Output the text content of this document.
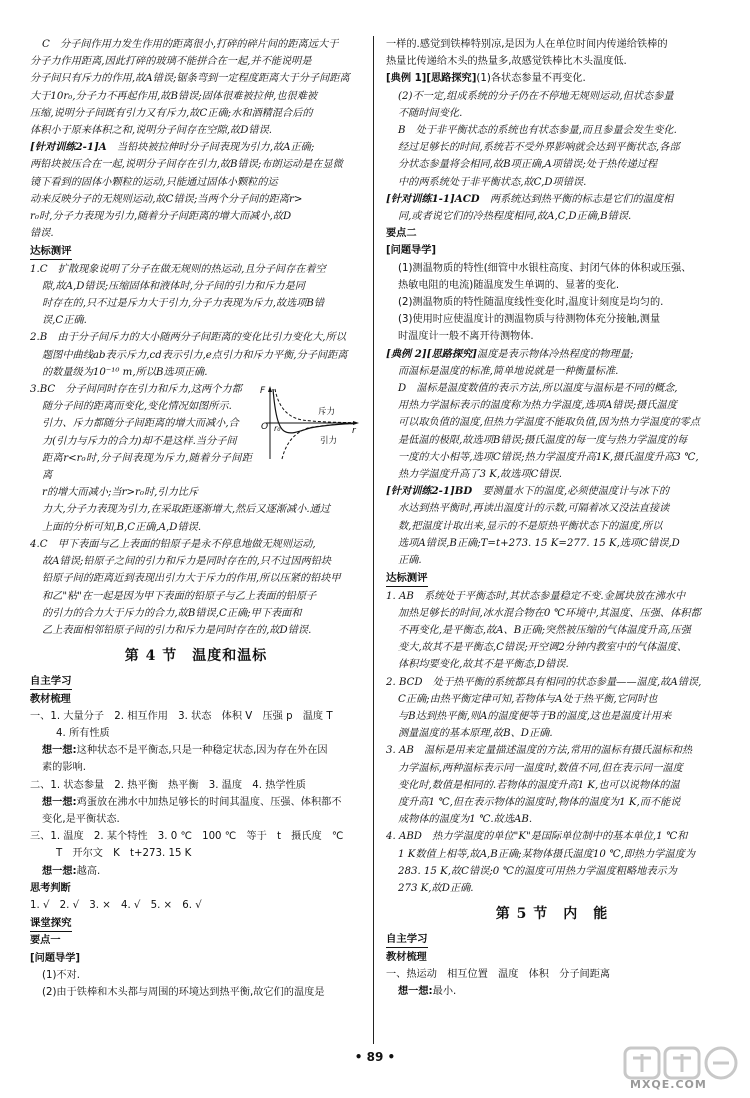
C　分子间作用力发生作用的距离很小,打碎的碎片间的距离远大于

分子力作用距离,因此打碎的玻璃不能拼合在一起,并不能说明是

分子间只有斥力的作用,故A错误;锯条弯到一定程度距离大于分子间距离

大于10r₀,分子力不再起作用,故B错误;固体很难被拉伸,也很难被

压缩,说明分子间既有引力又有斥力,故C正确;水和酒精混合后的

体积小于原来体积之和,说明分子间存在空隙,故D错误.

[针对训练2-1]A　当铅块被拉伸时分子间表现为引力,故A正确;

两铅块被压合在一起,说明分子间存在引力,故B错误;布朗运动是在显微

镜下看到的固体小颗粒的运动,只能通过固体小颗粒的运

动来反映分子的无规则运动,故C错误;当两个分子间的距离r>

r₀时,分子力表现为引力,随着分子间距离的增大而减小,故D

错误.

达标测评

1.C　扩散现象说明了分子在做无规则的热运动,且分子间存在着空

隙,故A,D错误;压缩固体和液体时,分子间的引力和斥力是同

时存在的,只不过是斥力大于引力,分子力表现为斥力,故选项B错

误,C正确.

2.B　由于分子间斥力的大小随两分子间距离的变化比引力变化大,所以

题图中曲线ab表示斥力,cd表示引力,e点引力和斥力平衡,分子间距离

的数量级为10⁻¹⁰ m,所以B选项正确.

F
O r₀	r
斥力
引力

3.BC　分子间同时存在引力和斥力,这两个力都

随分子间的距离而变化,变化情况如图所示.

引力、斥力都随分子间距离的增大而减小,合

力(引力与斥力的合力)却不是这样.当分子间

距离r<r₀时,分子间表现为斥力,随着分子间距离

r的增大而减小;当r>r₀时,引力比斥

力大,分子力表现为引力,在采取距逐渐增大,然后又逐渐减小.通过

上面的分析可知,B,C正确,A,D错误.

4.C　甲下表面与乙上表面的铅原子是永不停息地做无规则运动,

故A错误;铅原子之间的引力和斥力是同时存在的,只不过因两铅块

铅原子间的距离近到表现出引力大于斥力的作用,所以压紧的铅块甲

和乙"粘"在一起是因为甲下表面的铅原子与乙上表面的铅原子

的引力的合力大于斥力的合力,故B错误,C正确;甲下表面和

乙上表面相邻铅原子间的引力和斥力是同时存在的,故D错误.

第 4 节　温度和温标
自主学习

教材梳理

一、1. 大量分子　2. 相互作用　3. 状态　体积 V　压强 p　温度 T

4. 所有性质

想一想:这种状态不是平衡态,只是一种稳定状态,因为存在外在因

素的影响.

二、1. 状态参量　2. 热平衡　热平衡　3. 温度　4. 热学性质

想一想:鸡蛋放在沸水中加热足够长的时间其温度、压强、体积都不

变化,是平衡状态.

三、1. 温度　2. 某个特性　3. 0 ℃　100 ℃　等于　t　摄氏度　℃

T　开尔文　K　t+273. 15 K

想一想:越高.

思考判断

1. √　2. √　3. ×　4. √　5. ×　6. √

课堂探究

要点一

[问题导学]

(1)不对.

(2)由于铁棒和木头都与周围的环境达到热平衡,故它们的温度是

一样的.感觉到铁棒特别凉,是因为人在单位时间内传递给铁棒的

热量比传递给木头的热量多,故感觉铁棒比木头温度低.

[典例 1][思路探究](1)各状态参量不再变化.

(2)不一定,组成系统的分子仍在不停地无规则运动,但状态参量

不随时间变化.

B　处于非平衡状态的系统也有状态参量,而且参量会发生变化.

经过足够长的时间,系统若不受外界影响就会达到平衡状态,各部

分状态参量将会相同,故B项正确,A项错误;处于热传递过程

中的两系统处于非平衡状态,故C,D项错误.

[针对训练1-1]ACD　两系统达到热平衡的标志是它们的温度相

同,或者说它们的冷热程度相同,故A,C,D正确,B错误.

要点二

[问题导学]

(1)测温物质的特性(细管中水银柱高度、封闭气体的体积或压强、

热敏电阻的电流)随温度发生单调的、显著的变化.

(2)测温物质的特性随温度线性变化时,温度计刻度是均匀的.

(3)使用时应使温度计的测温物质与待测物体充分接触,测量

时温度计一般不离开待测物体.

[典例 2][思路探究]温度是表示物体冷热程度的物理量;

而温标是温度的标准,简单地说就是一种衡量标准.

D　温标是温度数值的表示方法,所以温度与温标是不同的概念,

用热力学温标表示的温度称为热力学温度,选项A错误;摄氏温度

可以取负值的温度,但热力学温度不能取负值,因为热力学温度的零点

是低温的极限,故选项B错误;摄氏温度的每一度与热力学温度的每

一度的大小相等,选项C错误;热力学温度升高1K,摄氏温度升高3 ℃,

热力学温度升高了3 K,故选项C错误.

[针对训练2-1]BD　要测量水下的温度,必须使温度计与冰下的

水达到热平衡时,再读出温度计的示数,可隔着冰又没法直接读

数,把温度计取出来,显示的不是原热平衡状态下的温度,所以

选项A错误,B正确;T=t+273. 15 K=277. 15 K,选项C错误,D

正确.

达标测评

1. AB　系统处于平衡态时,其状态参量稳定不变.金属块放在沸水中

加热足够长的时间,冰水混合物在0 ℃环境中,其温度、压强、体积都

不再变化,是平衡态,故A、B正确;突然被压缩的气体温度升高,压强

变大,故其不是平衡态,C错误;开空调2分钟内教室中的气体温度、

体积均要变化,故其不是平衡态,D错误.

2. BCD　处于热平衡的系统都具有相同的状态参量——温度,故A错误,

C正确;由热平衡定律可知,若物体与A处于热平衡,它同时也

与B达到热平衡,则A的温度便等于B的温度,这也是温度计用来

测量温度的基本原理,故B、D正确.

3. AB　温标是用来定量描述温度的方法,常用的温标有摄氏温标和热

力学温标,两种温标表示同一温度时,数值不同,但在表示同一温度

变化时,数值是相同的.若物体的温度升高1 K,也可以说物体的温

度升高1 ℃,但在表示物体的温度时,物体的温度为1 K,而不能说

成物体的温度为1 ℃.故选AB.

4. ABD　热力学温度的单位"K"是国际单位制中的基本单位,1 ℃和

1 K数值上相等,故A,B正确;某物体摄氏温度10 ℃,即热力学温度为

283. 15 K,故C错误;0 ℃的温度可用热力学温度粗略地表示为

273 K,故D正确.

第 5 节　内　能
自主学习

教材梳理

一、热运动　相互位置　温度　体积　分子间距离

想一想:最小.

• 89 •
MXQE.COM
